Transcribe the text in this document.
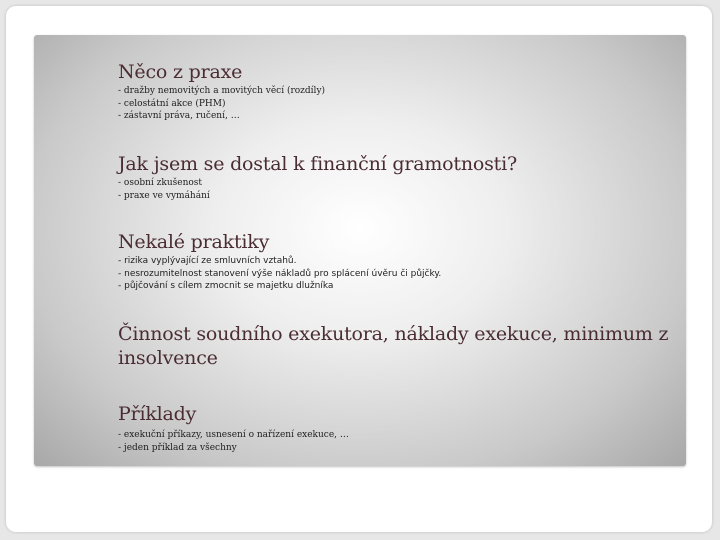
Něco z praxe
- dražby nemovitých a movitých věcí (rozdíly)
- celostátní akce (PHM)
- zástavní práva, ručení, …
Jak jsem se dostal k finanční gramotnosti?
- osobní zkušenost
- praxe ve vymáhání
Nekalé praktiky
- rizika vyplývající ze smluvních vztahů.
- nesrozumitelnost stanovení výše nákladů pro splácení úvěru či půjčky.
- půjčování s cílem zmocnit se majetku dlužníka
Činnost soudního exekutora, náklady exekuce, minimum z insolvence
Příklady
- exekuční příkazy, usnesení o nařízení exekuce, …
- jeden příklad za všechny
